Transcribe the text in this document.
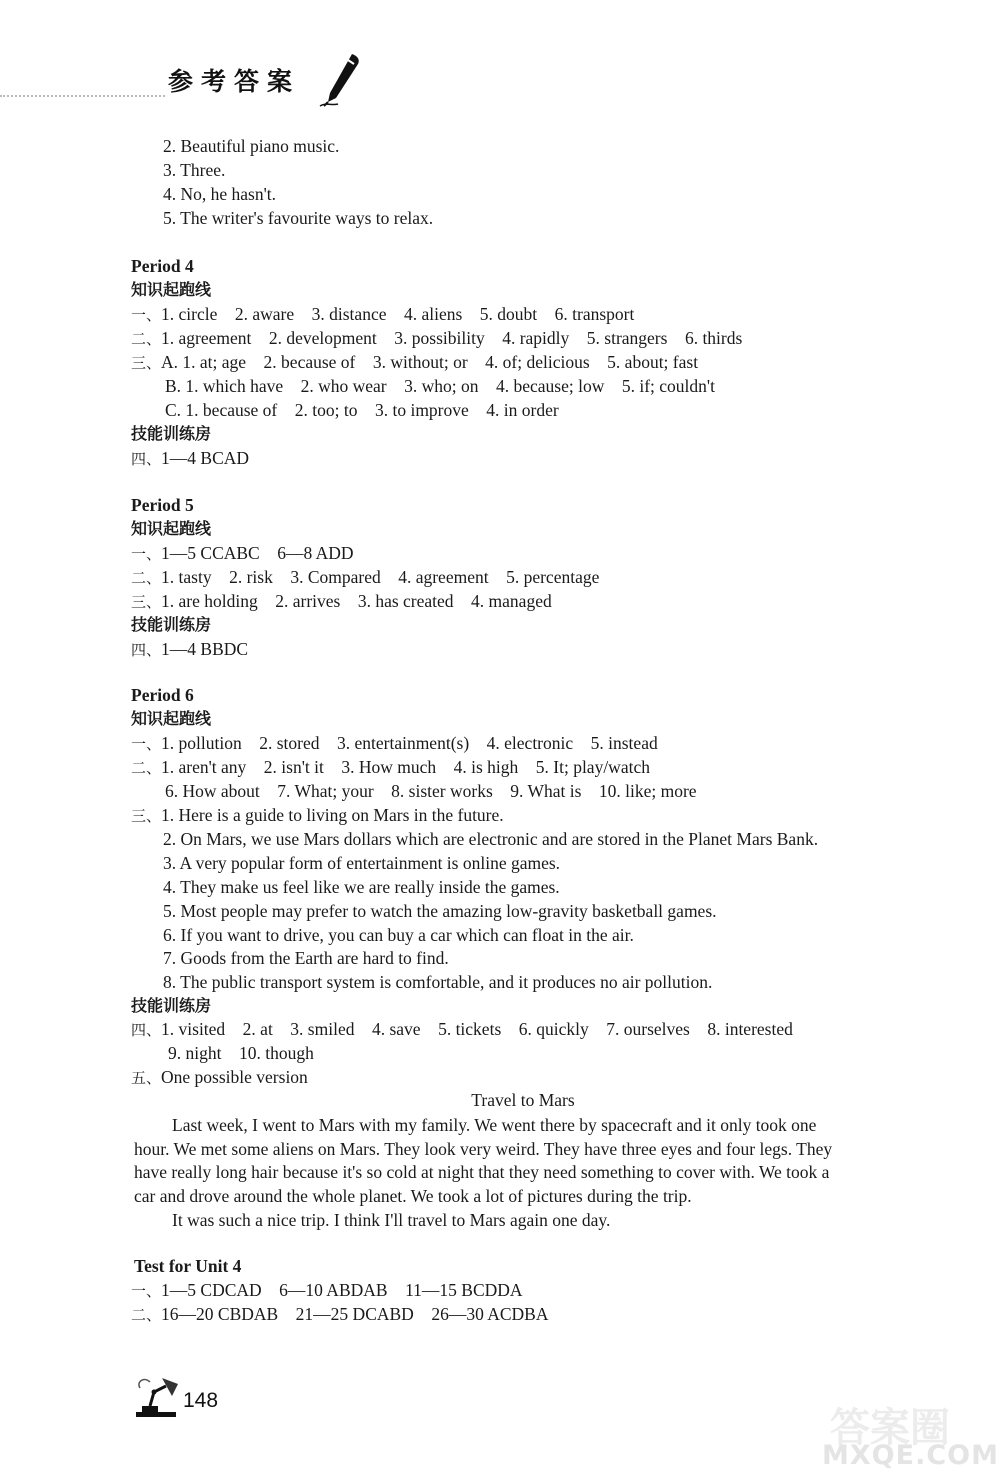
参考答案
2. Beautiful piano music.
3. Three.
4. No, he hasn't.
5. The writer's favourite ways to relax.
Period 4
知识起跑线
一、1. circle    2. aware    3. distance    4. aliens    5. doubt    6. transport
二、1. agreement    2. development    3. possibility    4. rapidly    5. strangers    6. thirds
三、A. 1. at; age    2. because of    3. without; or    4. of; delicious    5. about; fast
B. 1. which have    2. who wear    3. who; on    4. because; low    5. if; couldn't
C. 1. because of    2. too; to    3. to improve    4. in order
技能训练房
四、1—4 BCAD
Period 5
知识起跑线
一、1—5 CCABC    6—8 ADD
二、1. tasty    2. risk    3. Compared    4. agreement    5. percentage
三、1. are holding    2. arrives    3. has created    4. managed
技能训练房
四、1—4 BBDC
Period 6
知识起跑线
一、1. pollution    2. stored    3. entertainment(s)    4. electronic    5. instead
二、1. aren't any    2. isn't it    3. How much    4. is high    5. It; play/watch
6. How about    7. What; your    8. sister works    9. What is    10. like; more
三、1. Here is a guide to living on Mars in the future.
2. On Mars, we use Mars dollars which are electronic and are stored in the Planet Mars Bank.
3. A very popular form of entertainment is online games.
4. They make us feel like we are really inside the games.
5. Most people may prefer to watch the amazing low-gravity basketball games.
6. If you want to drive, you can buy a car which can float in the air.
7. Goods from the Earth are hard to find.
8. The public transport system is comfortable, and it produces no air pollution.
技能训练房
四、1. visited    2. at    3. smiled    4. save    5. tickets    6. quickly    7. ourselves    8. interested
9. night    10. though
五、One possible version
Travel to Mars
Last week, I went to Mars with my family. We went there by spacecraft and it only took one
hour. We met some aliens on Mars. They look very weird. They have three eyes and four legs. They
have really long hair because it's so cold at night that they need something to cover with. We took a
car and drove around the whole planet. We took a lot of pictures during the trip.
It was such a nice trip. I think I'll travel to Mars again one day.
Test for Unit 4
一、1—5 CDCAD    6—10 ABDAB    11—15 BCDDA
二、16—20 CBDAB    21—25 DCABD    26—30 ACDBA
148
答案圈
MXQE.COM
